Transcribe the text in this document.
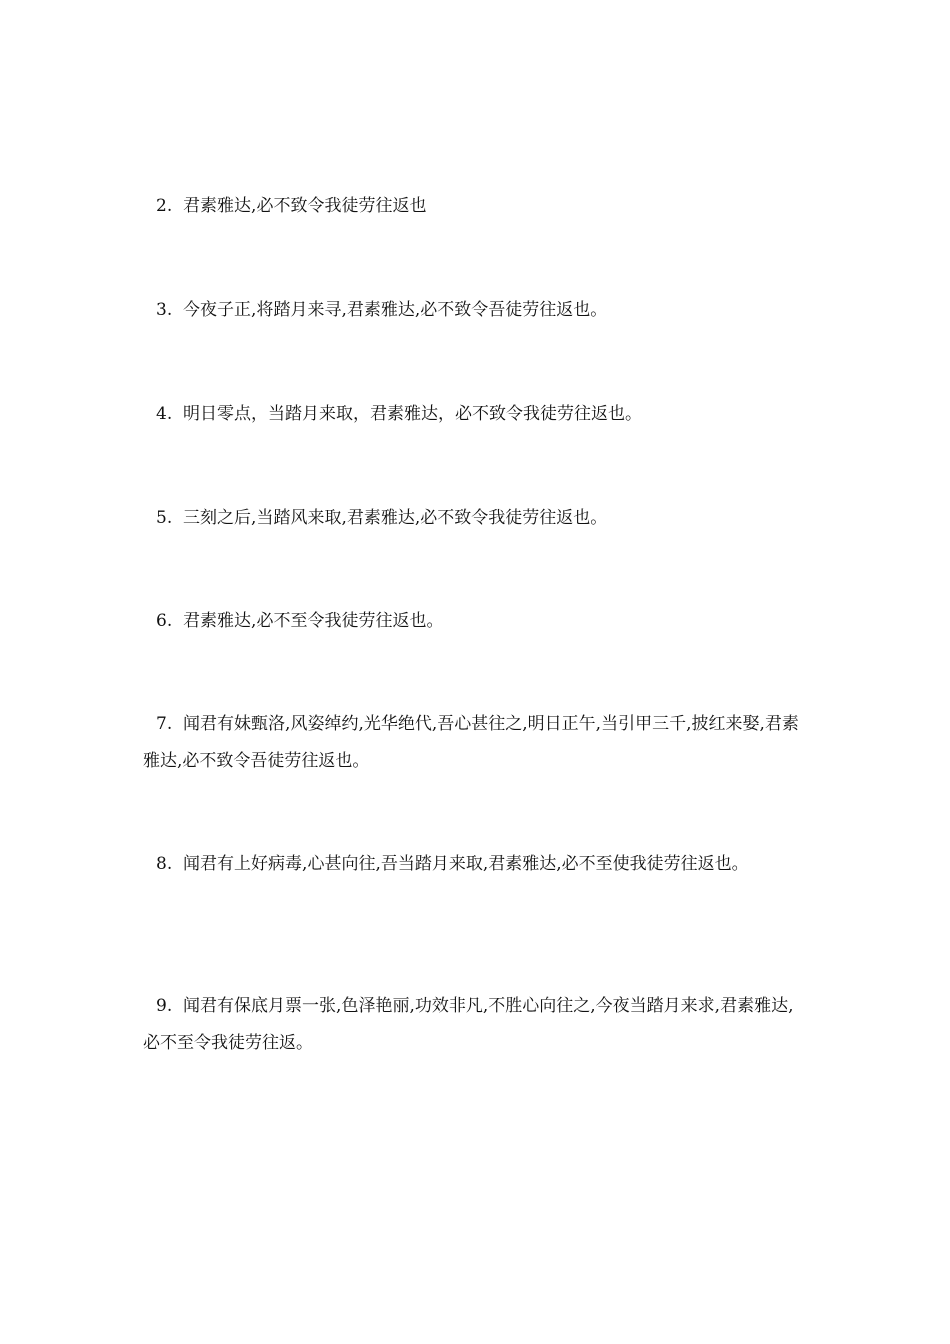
2. 君素雅达,必不致令我徒劳往返也

3. 今夜子正,将踏月来寻,君素雅达,必不致令吾徒劳往返也。

4. 明日零点，当踏月来取，君素雅达，必不致令我徒劳往返也。

5. 三刻之后,当踏风来取,君素雅达,必不致令我徒劳往返也。

6. 君素雅达,必不至令我徒劳往返也。

7. 闻君有妹甄洛,风姿绰约,光华绝代,吾心甚往之,明日正午,当引甲三千,披红来娶,君素雅达,必不致令吾徒劳往返也。

8. 闻君有上好病毒,心甚向往,吾当踏月来取,君素雅达,必不至使我徒劳往返也。

9. 闻君有保底月票一张,色泽艳丽,功效非凡,不胜心向往之,今夜当踏月来求,君素雅达,必不至令我徒劳往返。
